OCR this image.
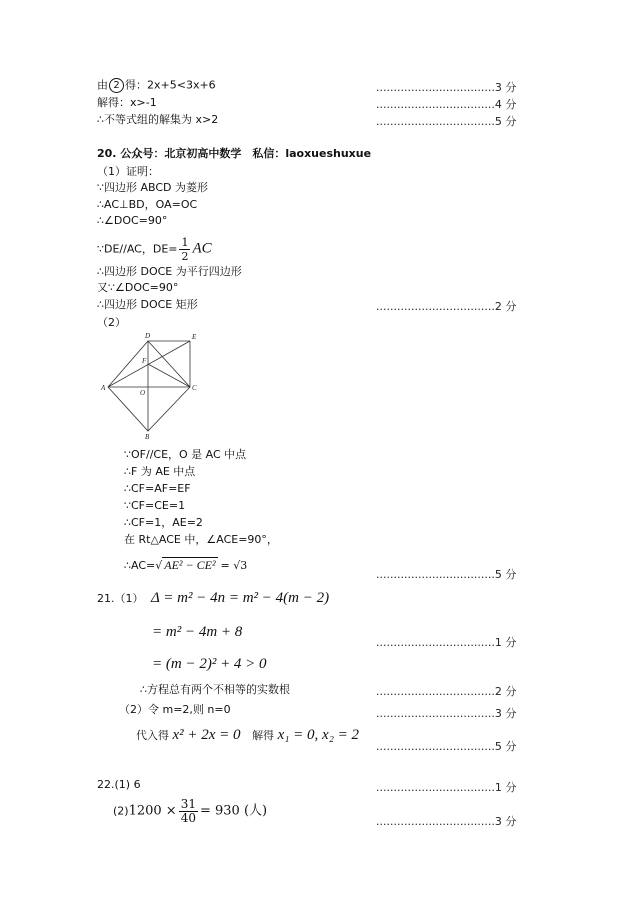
由 2 得：2x+5<3x+6	..................................3 分
解得：x>-1	..................................4 分
∴不等式组的解集为 x>2	..................................5 分
20. 公众号：北京初高中数学　私信：laoxueshuxue
（1）证明：
∵四边形 ABCD 为菱形
∴AC⊥BD，OA=OC
∴∠DOC=90°
∵DE//AC，$DE= \frac{1}{2}$ AC
∴四边形 DOCE 为平行四边形
又∵∠DOC=90°
∴四边形 DOCE 矩形	..................................2 分
（2）
D	E
F
A
O
C
B
∵OF//CE，O 是 AC 中点
∴F 为 AE 中点
∴CF=AF=EF
∵CF=CE=1
∴CF=1，AE=2
在 Rt△ACE 中，∠ACE=90°，
∴AC=√ AE² − CE² = √3
..................................5 分
21.（1） Δ = m² − 4n = m² − 4(m − 2)
= m² − 4m + 8
..................................1 分
= (m − 2)² + 4 > 0
∴方程总有两个不相等的实数根	..................................2 分
（2）令 m=2,则 n=0	..................................3 分
代入得 x² + 2x = 0 解得 x₁ = 0, x₂ = 2
..................................5 分
22.(1) 6	..................................1 分
$(2)1200 \times \frac{31}{40} = 930$ (人)
..................................3 分
